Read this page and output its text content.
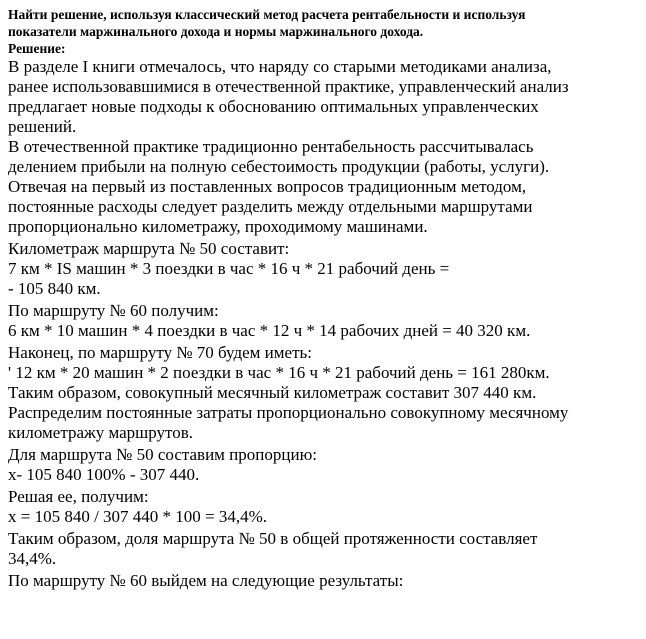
Найти решение, используя классический метод расчета рентабельности и используя
показатели маржинального дохода и нормы маржинального дохода.
Решение:
В разделе I книги отмечалось, что наряду со старыми методиками анализа,
ранее использовавшимися в отечественной практике, управленческий анализ
предлагает новые подходы к обоснованию оптимальных управленческих
решений.
В отечественной практике традиционно рентабельность рассчитывалась
делением прибыли на полную себестоимость продукции (работы, услуги).
Отвечая на первый из поставленных вопросов традиционным методом,
постоянные расходы следует разделить между отдельными маршрутами
пропорционально километражу, проходимому машинами.
Километраж маршрута № 50 составит:
7 км * IS машин * 3 поездки в час * 16 ч * 21 рабочий день =
- 105 840 км.
По маршруту № 60 получим:
6 км * 10 машин * 4 поездки в час * 12 ч * 14 рабочих дней = 40 320 км.
Наконец, по маршруту № 70 будем иметь:
' 12 км * 20 машин * 2 поездки в час * 16 ч * 21 рабочий день = 161 280км.
Таким образом, совокупный месячный километраж составит 307 440 км.
Распределим постоянные затраты пропорционально совокупному месячному
километражу маршрутов.
Для маршрута № 50 составим пропорцию:
х- 105 840 100% - 307 440.
Решая ее, получим:
х = 105 840 / 307 440 * 100 = 34,4%.
Таким образом, доля маршрута № 50 в общей протяженности составляет
34,4%.
По маршруту № 60 выйдем на следующие результаты:
